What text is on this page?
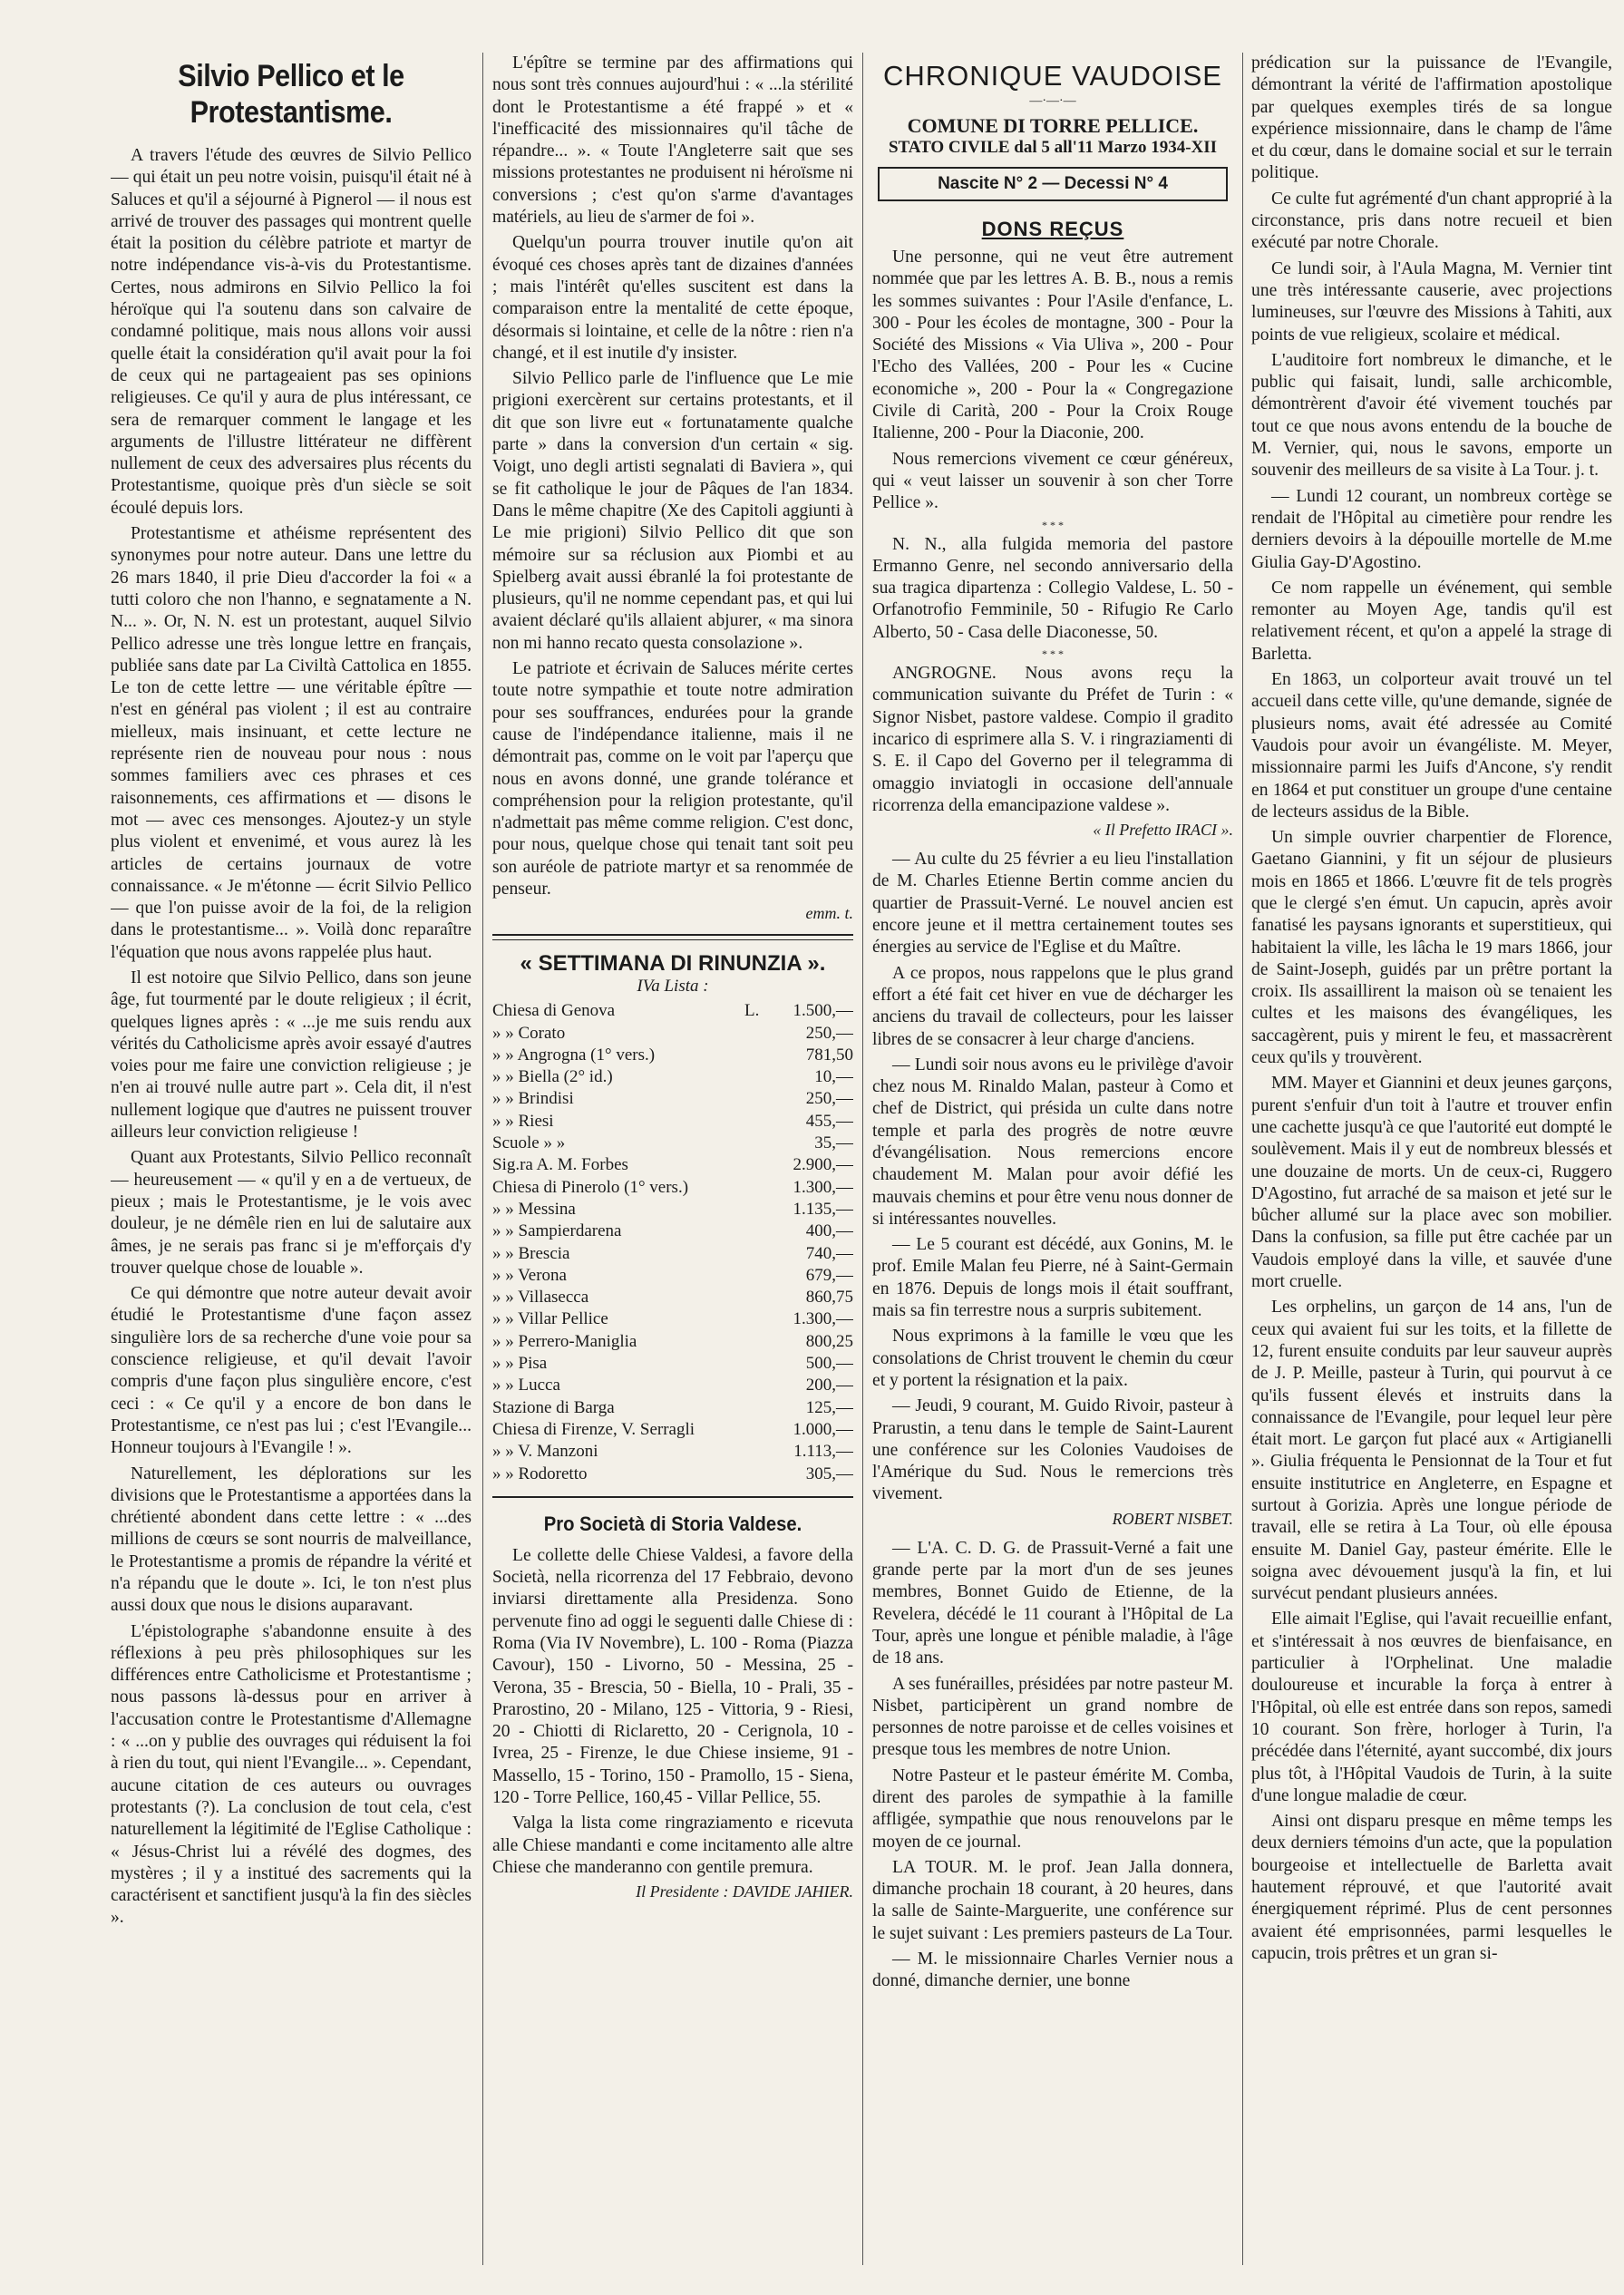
Silvio Pellico et le Protestantisme.

A travers l'étude des œuvres de Silvio Pellico — qui était un peu notre voisin, puisqu'il était né à Saluces et qu'il a séjourné à Pignerol — il nous est arrivé de trouver des passages qui montrent quelle était la position du célèbre patriote et martyr de notre indépendance vis-à-vis du Protestantisme. Certes, nous admirons en Silvio Pellico la foi héroïque qui l'a soutenu dans son calvaire de condamné politique, mais nous allons voir aussi quelle était la considération qu'il avait pour la foi de ceux qui ne partageaient pas ses opinions religieuses. Ce qu'il y aura de plus intéressant, ce sera de remarquer comment le langage et les arguments de l'illustre littérateur ne diffèrent nullement de ceux des adversaires plus récents du Protestantisme, quoique près d'un siècle se soit écoulé depuis lors.

Protestantisme et athéisme représentent des synonymes pour notre auteur. Dans une lettre du 26 mars 1840, il prie Dieu d'accorder la foi « a tutti coloro che non l'hanno, e segnatamente a N. N... ». Or, N. N. est un protestant, auquel Silvio Pellico adresse une très longue lettre en français, publiée sans date par La Civiltà Cattolica en 1855. Le ton de cette lettre — une véritable épître — n'est en général pas violent ; il est au contraire mielleux, mais insinuant, et cette lecture ne représente rien de nouveau pour nous : nous sommes familiers avec ces phrases et ces raisonnements, ces affirmations et — disons le mot — avec ces mensonges. Ajoutez-y un style plus violent et envenimé, et vous aurez là les articles de certains journaux de votre connaissance. « Je m'étonne — écrit Silvio Pellico — que l'on puisse avoir de la foi, de la religion dans le protestantisme... ». Voilà donc reparaître l'équation que nous avons rappelée plus haut.

Il est notoire que Silvio Pellico, dans son jeune âge, fut tourmenté par le doute religieux ; il écrit, quelques lignes après : « ...je me suis rendu aux vérités du Catholicisme après avoir essayé d'autres voies pour me faire une conviction religieuse ; je n'en ai trouvé nulle autre part ». Cela dit, il n'est nullement logique que d'autres ne puissent trouver ailleurs leur conviction religieuse !

Quant aux Protestants, Silvio Pellico reconnaît — heureusement — « qu'il y en a de vertueux, de pieux ; mais le Protestantisme, je le vois avec douleur, je ne démêle rien en lui de salutaire aux âmes, je ne serais pas franc si je m'efforçais d'y trouver quelque chose de louable ».

Ce qui démontre que notre auteur devait avoir étudié le Protestantisme d'une façon assez singulière lors de sa recherche d'une voie pour sa conscience religieuse, et qu'il devait l'avoir compris d'une façon plus singulière encore, c'est ceci : « Ce qu'il y a encore de bon dans le Protestantisme, ce n'est pas lui ; c'est l'Evangile... Honneur toujours à l'Evangile ! ».

Naturellement, les déplorations sur les divisions que le Protestantisme a apportées dans la chrétienté abondent dans cette lettre : « ...des millions de cœurs se sont nourris de malveillance, le Protestantisme a promis de répandre la vérité et n'a répandu que le doute ». Ici, le ton n'est plus aussi doux que nous le disions auparavant.

L'épistolographe s'abandonne ensuite à des réflexions à peu près philosophiques sur les différences entre Catholicisme et Protestantisme ; nous passons là-dessus pour en arriver à l'accusation contre le Protestantisme d'Allemagne : « ...on y publie des ouvrages qui réduisent la foi à rien du tout, qui nient l'Evangile... ». Cependant, aucune citation de ces auteurs ou ouvrages protestants (?). La conclusion de tout cela, c'est naturellement la légitimité de l'Eglise Catholique : « Jésus-Christ lui a révélé des dogmes, des mystères ; il y a institué des sacrements qui la caractérisent et sanctifient jusqu'à la fin des siècles ».

L'épître se termine par des affirmations qui nous sont très connues aujourd'hui : « ...la stérilité dont le Protestantisme a été frappé » et « l'inefficacité des missionnaires qu'il tâche de répandre... ». « Toute l'Angleterre sait que ses missions protestantes ne produisent ni héroïsme ni conversions ; c'est qu'on s'arme d'avantages matériels, au lieu de s'armer de foi ».

Quelqu'un pourra trouver inutile qu'on ait évoqué ces choses après tant de dizaines d'années ; mais l'intérêt qu'elles suscitent est dans la comparaison entre la mentalité de cette époque, désormais si lointaine, et celle de la nôtre : rien n'a changé, et il est inutile d'y insister.

Silvio Pellico parle de l'influence que Le mie prigioni exercèrent sur certains protestants, et il dit que son livre eut « fortunatamente qualche parte » dans la conversion d'un certain « sig. Voigt, uno degli artisti segnalati di Baviera », qui se fit catholique le jour de Pâques de l'an 1834. Dans le même chapitre (Xe des Capitoli aggiunti à Le mie prigioni) Silvio Pellico dit que son mémoire sur sa réclusion aux Piombi et au Spielberg avait aussi ébranlé la foi protestante de plusieurs, qu'il ne nomme cependant pas, et qui lui avaient déclaré qu'ils allaient abjurer, « ma sinora non mi hanno recato questa consolazione ».

Le patriote et écrivain de Saluces mérite certes toute notre sympathie et toute notre admiration pour ses souffrances, endurées pour la grande cause de l'indépendance italienne, mais il ne démontrait pas, comme on le voit par l'aperçu que nous en avons donné, une grande tolérance et compréhension pour la religion protestante, qu'il n'admettait pas même comme religion. C'est donc, pour nous, quelque chose qui tenait tant soit peu son auréole de patriote martyr et sa renommée de penseur.

emm. t.
« SETTIMANA DI RINUNZIA ».
IVa Lista :
Chiesa di Genova	L.	1.500,—
» » Corato		250,—
» » Angrogna (1° vers.)		781,50
» » Biella (2° id.)		10,—
» » Brindisi		250,—
» » Riesi		455,—
Scuole » »		35,—
Sig.ra A. M. Forbes		2.900,—
Chiesa di Pinerolo (1° vers.)		1.300,—
» » Messina		1.135,—
» » Sampierdarena		400,—
» » Brescia		740,—
» » Verona		679,—
» » Villasecca		860,75
» » Villar Pellice		1.300,—
» » Perrero-Maniglia		800,25
» » Pisa		500,—
» » Lucca		200,—
Stazione di Barga		125,—
Chiesa di Firenze, V. Serragli		1.000,—
» » V. Manzoni		1.113,—
» » Rodoretto		305,—
Pro Società di Storia Valdese.

Le collette delle Chiese Valdesi, a favore della Società, nella ricorrenza del 17 Febbraio, devono inviarsi direttamente alla Presidenza. Sono pervenute fino ad oggi le seguenti dalle Chiese di : Roma (Via IV Novembre), L. 100 - Roma (Piazza Cavour), 150 - Livorno, 50 - Messina, 25 - Verona, 35 - Brescia, 50 - Biella, 10 - Prali, 35 - Prarostino, 20 - Milano, 125 - Vittoria, 9 - Riesi, 20 - Chiotti di Riclaretto, 20 - Cerignola, 10 - Ivrea, 25 - Firenze, le due Chiese insieme, 91 - Massello, 15 - Torino, 150 - Pramollo, 15 - Siena, 120 - Torre Pellice, 160,45 - Villar Pellice, 55.

Valga la lista come ringraziamento e ricevuta alle Chiese mandanti e come incitamento alle altre Chiese che manderanno con gentile premura.

Il Presidente : DAVIDE JAHIER.
CHRONIQUE VAUDOISE
—·—·—
COMUNE DI TORRE PELLICE.
STATO CIVILE dal 5 all'11 Marzo 1934-XII
Nascite N° 2 — Decessi N° 4
DONS REÇUS

Une personne, qui ne veut être autrement nommée que par les lettres A. B. B., nous a remis les sommes suivantes : Pour l'Asile d'enfance, L. 300 - Pour les écoles de montagne, 300 - Pour la Société des Missions « Via Uliva », 200 - Pour l'Echo des Vallées, 200 - Pour les « Cucine economiche », 200 - Pour la « Congregazione Civile di Carità, 200 - Pour la Croix Rouge Italienne, 200 - Pour la Diaconie, 200.

Nous remercions vivement ce cœur généreux, qui « veut laisser un souvenir à son cher Torre Pellice ».

* * *

N. N., alla fulgida memoria del pastore Ermanno Genre, nel secondo anniversario della sua tragica dipartenza : Collegio Valdese, L. 50 - Orfanotrofio Femminile, 50 - Rifugio Re Carlo Alberto, 50 - Casa delle Diaconesse, 50.

* * *

ANGROGNE. Nous avons reçu la communication suivante du Préfet de Turin : « Signor Nisbet, pastore valdese. Compio il gradito incarico di esprimere alla S. V. i ringraziamenti di S. E. il Capo del Governo per il telegramma di omaggio inviatogli in occasione dell'annuale ricorrenza della emancipazione valdese ».

« Il Prefetto IRACI ».

— Au culte du 25 février a eu lieu l'installation de M. Charles Etienne Bertin comme ancien du quartier de Prassuit-Verné. Le nouvel ancien est encore jeune et il mettra certainement toutes ses énergies au service de l'Eglise et du Maître.

A ce propos, nous rappelons que le plus grand effort a été fait cet hiver en vue de décharger les anciens du travail de collecteurs, pour les laisser libres de se consacrer à leur charge d'anciens.

— Lundi soir nous avons eu le privilège d'avoir chez nous M. Rinaldo Malan, pasteur à Como et chef de District, qui présida un culte dans notre temple et parla des progrès de notre œuvre d'évangélisation. Nous remercions encore chaudement M. Malan pour avoir défié les mauvais chemins et pour être venu nous donner de si intéressantes nouvelles.

— Le 5 courant est décédé, aux Gonins, M. le prof. Emile Malan feu Pierre, né à Saint-Germain en 1876. Depuis de longs mois il était souffrant, mais sa fin terrestre nous a surpris subitement.

Nous exprimons à la famille le vœu que les consolations de Christ trouvent le chemin du cœur et y portent la résignation et la paix.

— Jeudi, 9 courant, M. Guido Rivoir, pasteur à Prarustin, a tenu dans le temple de Saint-Laurent une conférence sur les Colonies Vaudoises de l'Amérique du Sud. Nous le remercions très vivement.

ROBERT NISBET.

— L'A. C. D. G. de Prassuit-Verné a fait une grande perte par la mort d'un de ses jeunes membres, Bonnet Guido de Etienne, de la Revelera, décédé le 11 courant à l'Hôpital de La Tour, après une longue et pénible maladie, à l'âge de 18 ans.

A ses funérailles, présidées par notre pasteur M. Nisbet, participèrent un grand nombre de personnes de notre paroisse et de celles voisines et presque tous les membres de notre Union.

Notre Pasteur et le pasteur émérite M. Comba, dirent des paroles de sympathie à la famille affligée, sympathie que nous renouvelons par le moyen de ce journal.

LA TOUR. M. le prof. Jean Jalla donnera, dimanche prochain 18 courant, à 20 heures, dans la salle de Sainte-Marguerite, une conférence sur le sujet suivant : Les premiers pasteurs de La Tour.

— M. le missionnaire Charles Vernier nous a donné, dimanche dernier, une bonne

prédication sur la puissance de l'Evangile, démontrant la vérité de l'affirmation apostolique par quelques exemples tirés de sa longue expérience missionnaire, dans le champ de l'âme et du cœur, dans le domaine social et sur le terrain politique.

Ce culte fut agrémenté d'un chant approprié à la circonstance, pris dans notre recueil et bien exécuté par notre Chorale.

Ce lundi soir, à l'Aula Magna, M. Vernier tint une très intéressante causerie, avec projections lumineuses, sur l'œuvre des Missions à Tahiti, aux points de vue religieux, scolaire et médical.

L'auditoire fort nombreux le dimanche, et le public qui faisait, lundi, salle archicomble, démontrèrent d'avoir été vivement touchés par tout ce que nous avons entendu de la bouche de M. Vernier, qui, nous le savons, emporte un souvenir des meilleurs de sa visite à La Tour. j. t.

— Lundi 12 courant, un nombreux cortège se rendait de l'Hôpital au cimetière pour rendre les derniers devoirs à la dépouille mortelle de M.me Giulia Gay-D'Agostino.

Ce nom rappelle un événement, qui semble remonter au Moyen Age, tandis qu'il est relativement récent, et qu'on a appelé la strage di Barletta.

En 1863, un colporteur avait trouvé un tel accueil dans cette ville, qu'une demande, signée de plusieurs noms, avait été adressée au Comité Vaudois pour avoir un évangéliste. M. Meyer, missionnaire parmi les Juifs d'Ancone, s'y rendit en 1864 et put constituer un groupe d'une centaine de lecteurs assidus de la Bible.

Un simple ouvrier charpentier de Florence, Gaetano Giannini, y fit un séjour de plusieurs mois en 1865 et 1866. L'œuvre fit de tels progrès que le clergé s'en émut. Un capucin, après avoir fanatisé les paysans ignorants et superstitieux, qui habitaient la ville, les lâcha le 19 mars 1866, jour de Saint-Joseph, guidés par un prêtre portant la croix. Ils assaillirent la maison où se tenaient les cultes et les maisons des évangéliques, les saccagèrent, puis y mirent le feu, et massacrèrent ceux qu'ils y trouvèrent.

MM. Mayer et Giannini et deux jeunes garçons, purent s'enfuir d'un toit à l'autre et trouver enfin une cachette jusqu'à ce que l'autorité eut dompté le soulèvement. Mais il y eut de nombreux blessés et une douzaine de morts. Un de ceux-ci, Ruggero D'Agostino, fut arraché de sa maison et jeté sur le bûcher allumé sur la place avec son mobilier. Dans la confusion, sa fille put être cachée par un Vaudois employé dans la ville, et sauvée d'une mort cruelle.

Les orphelins, un garçon de 14 ans, l'un de ceux qui avaient fui sur les toits, et la fillette de 12, furent ensuite conduits par leur sauveur auprès de J. P. Meille, pasteur à Turin, qui pourvut à ce qu'ils fussent élevés et instruits dans la connaissance de l'Evangile, pour lequel leur père était mort. Le garçon fut placé aux « Artigianelli ». Giulia fréquenta le Pensionnat de la Tour et fut ensuite institutrice en Angleterre, en Espagne et surtout à Gorizia. Après une longue période de travail, elle se retira à La Tour, où elle épousa ensuite M. Daniel Gay, pasteur émérite. Elle le soigna avec dévouement jusqu'à la fin, et lui survécut pendant plusieurs années.

Elle aimait l'Eglise, qui l'avait recueillie enfant, et s'intéressait à nos œuvres de bienfaisance, en particulier à l'Orphelinat. Une maladie douloureuse et incurable la força à entrer à l'Hôpital, où elle est entrée dans son repos, samedi 10 courant. Son frère, horloger à Turin, l'a précédée dans l'éternité, ayant succombé, dix jours plus tôt, à l'Hôpital Vaudois de Turin, à la suite d'une longue maladie de cœur.

Ainsi ont disparu presque en même temps les deux derniers témoins d'un acte, que la population bourgeoise et intellectuelle de Barletta avait hautement réprouvé, et que l'autorité avait énergiquement réprimé. Plus de cent personnes avaient été emprisonnées, parmi lesquelles le capucin, trois prêtres et un gran si-
